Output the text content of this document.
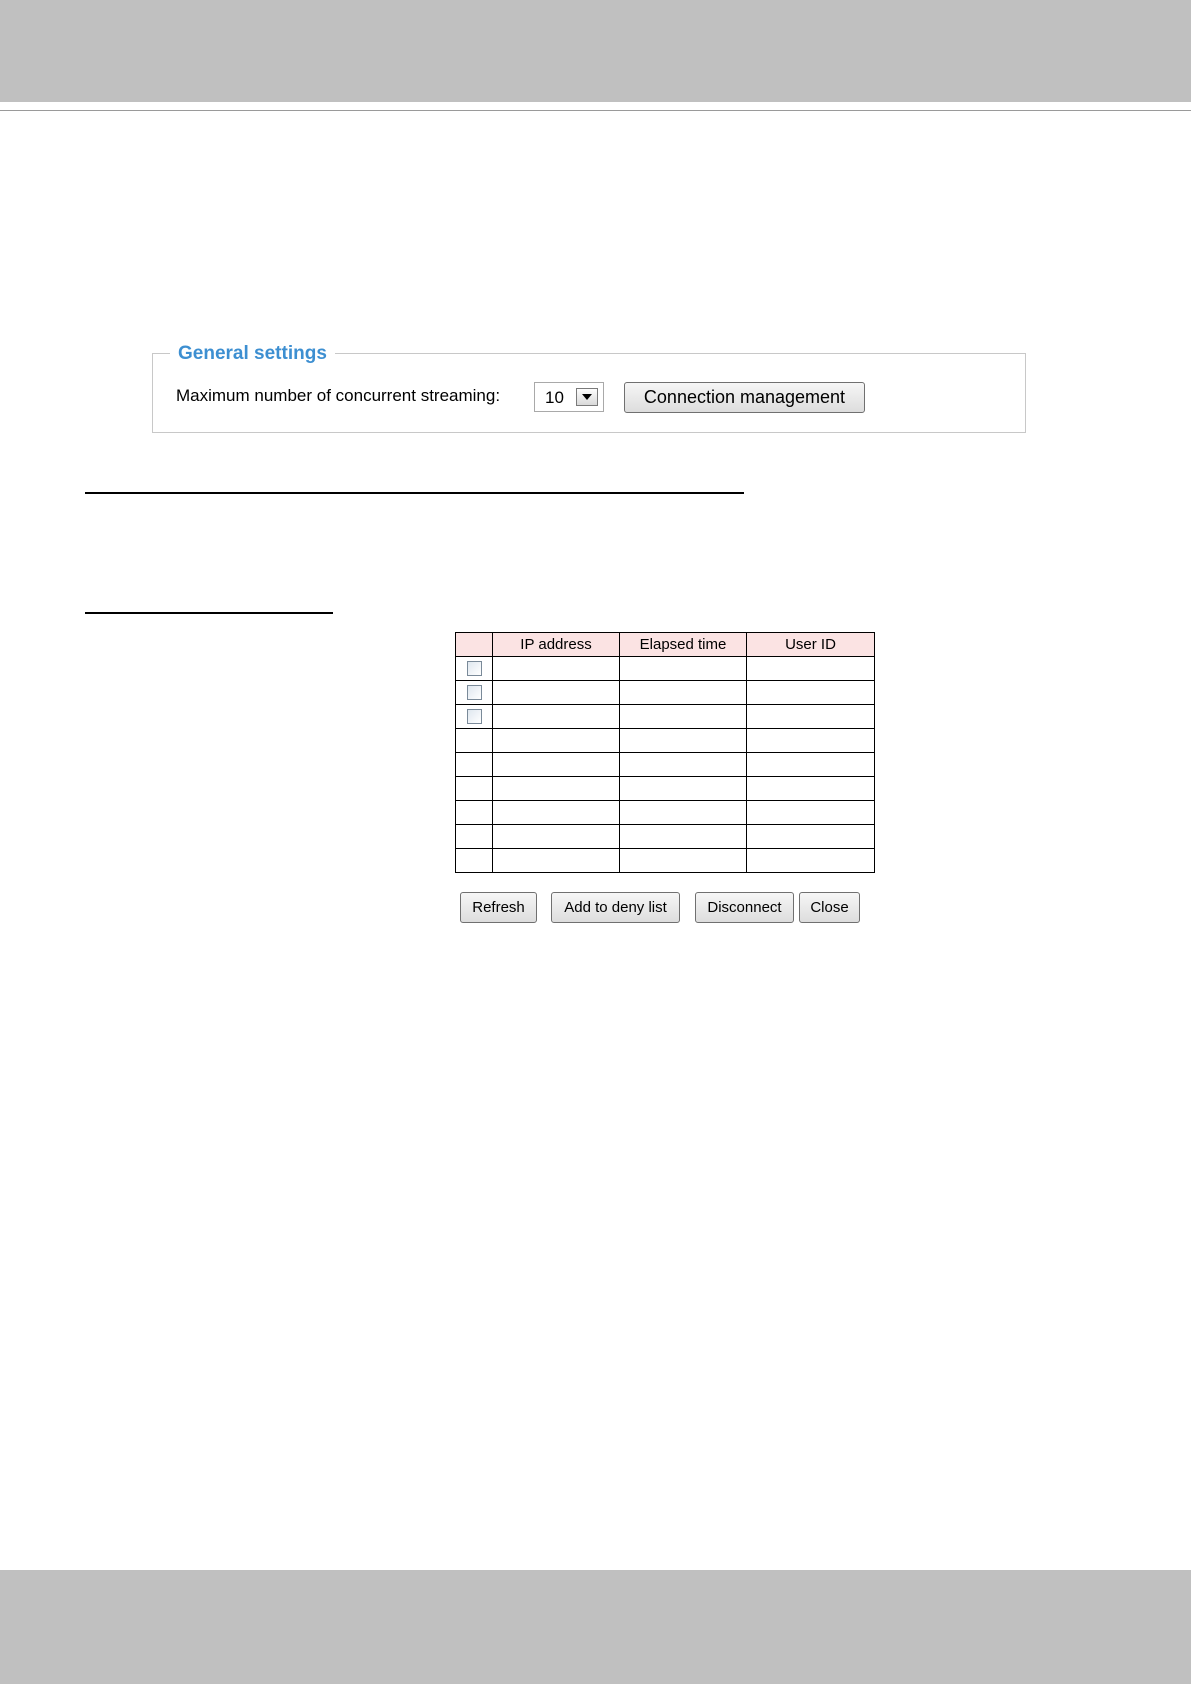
General settings
Maximum number of concurrent streaming:	10	Connection management
	IP address	Elapsed time	User ID

Refresh	Add to deny list	Disconnect	Close
